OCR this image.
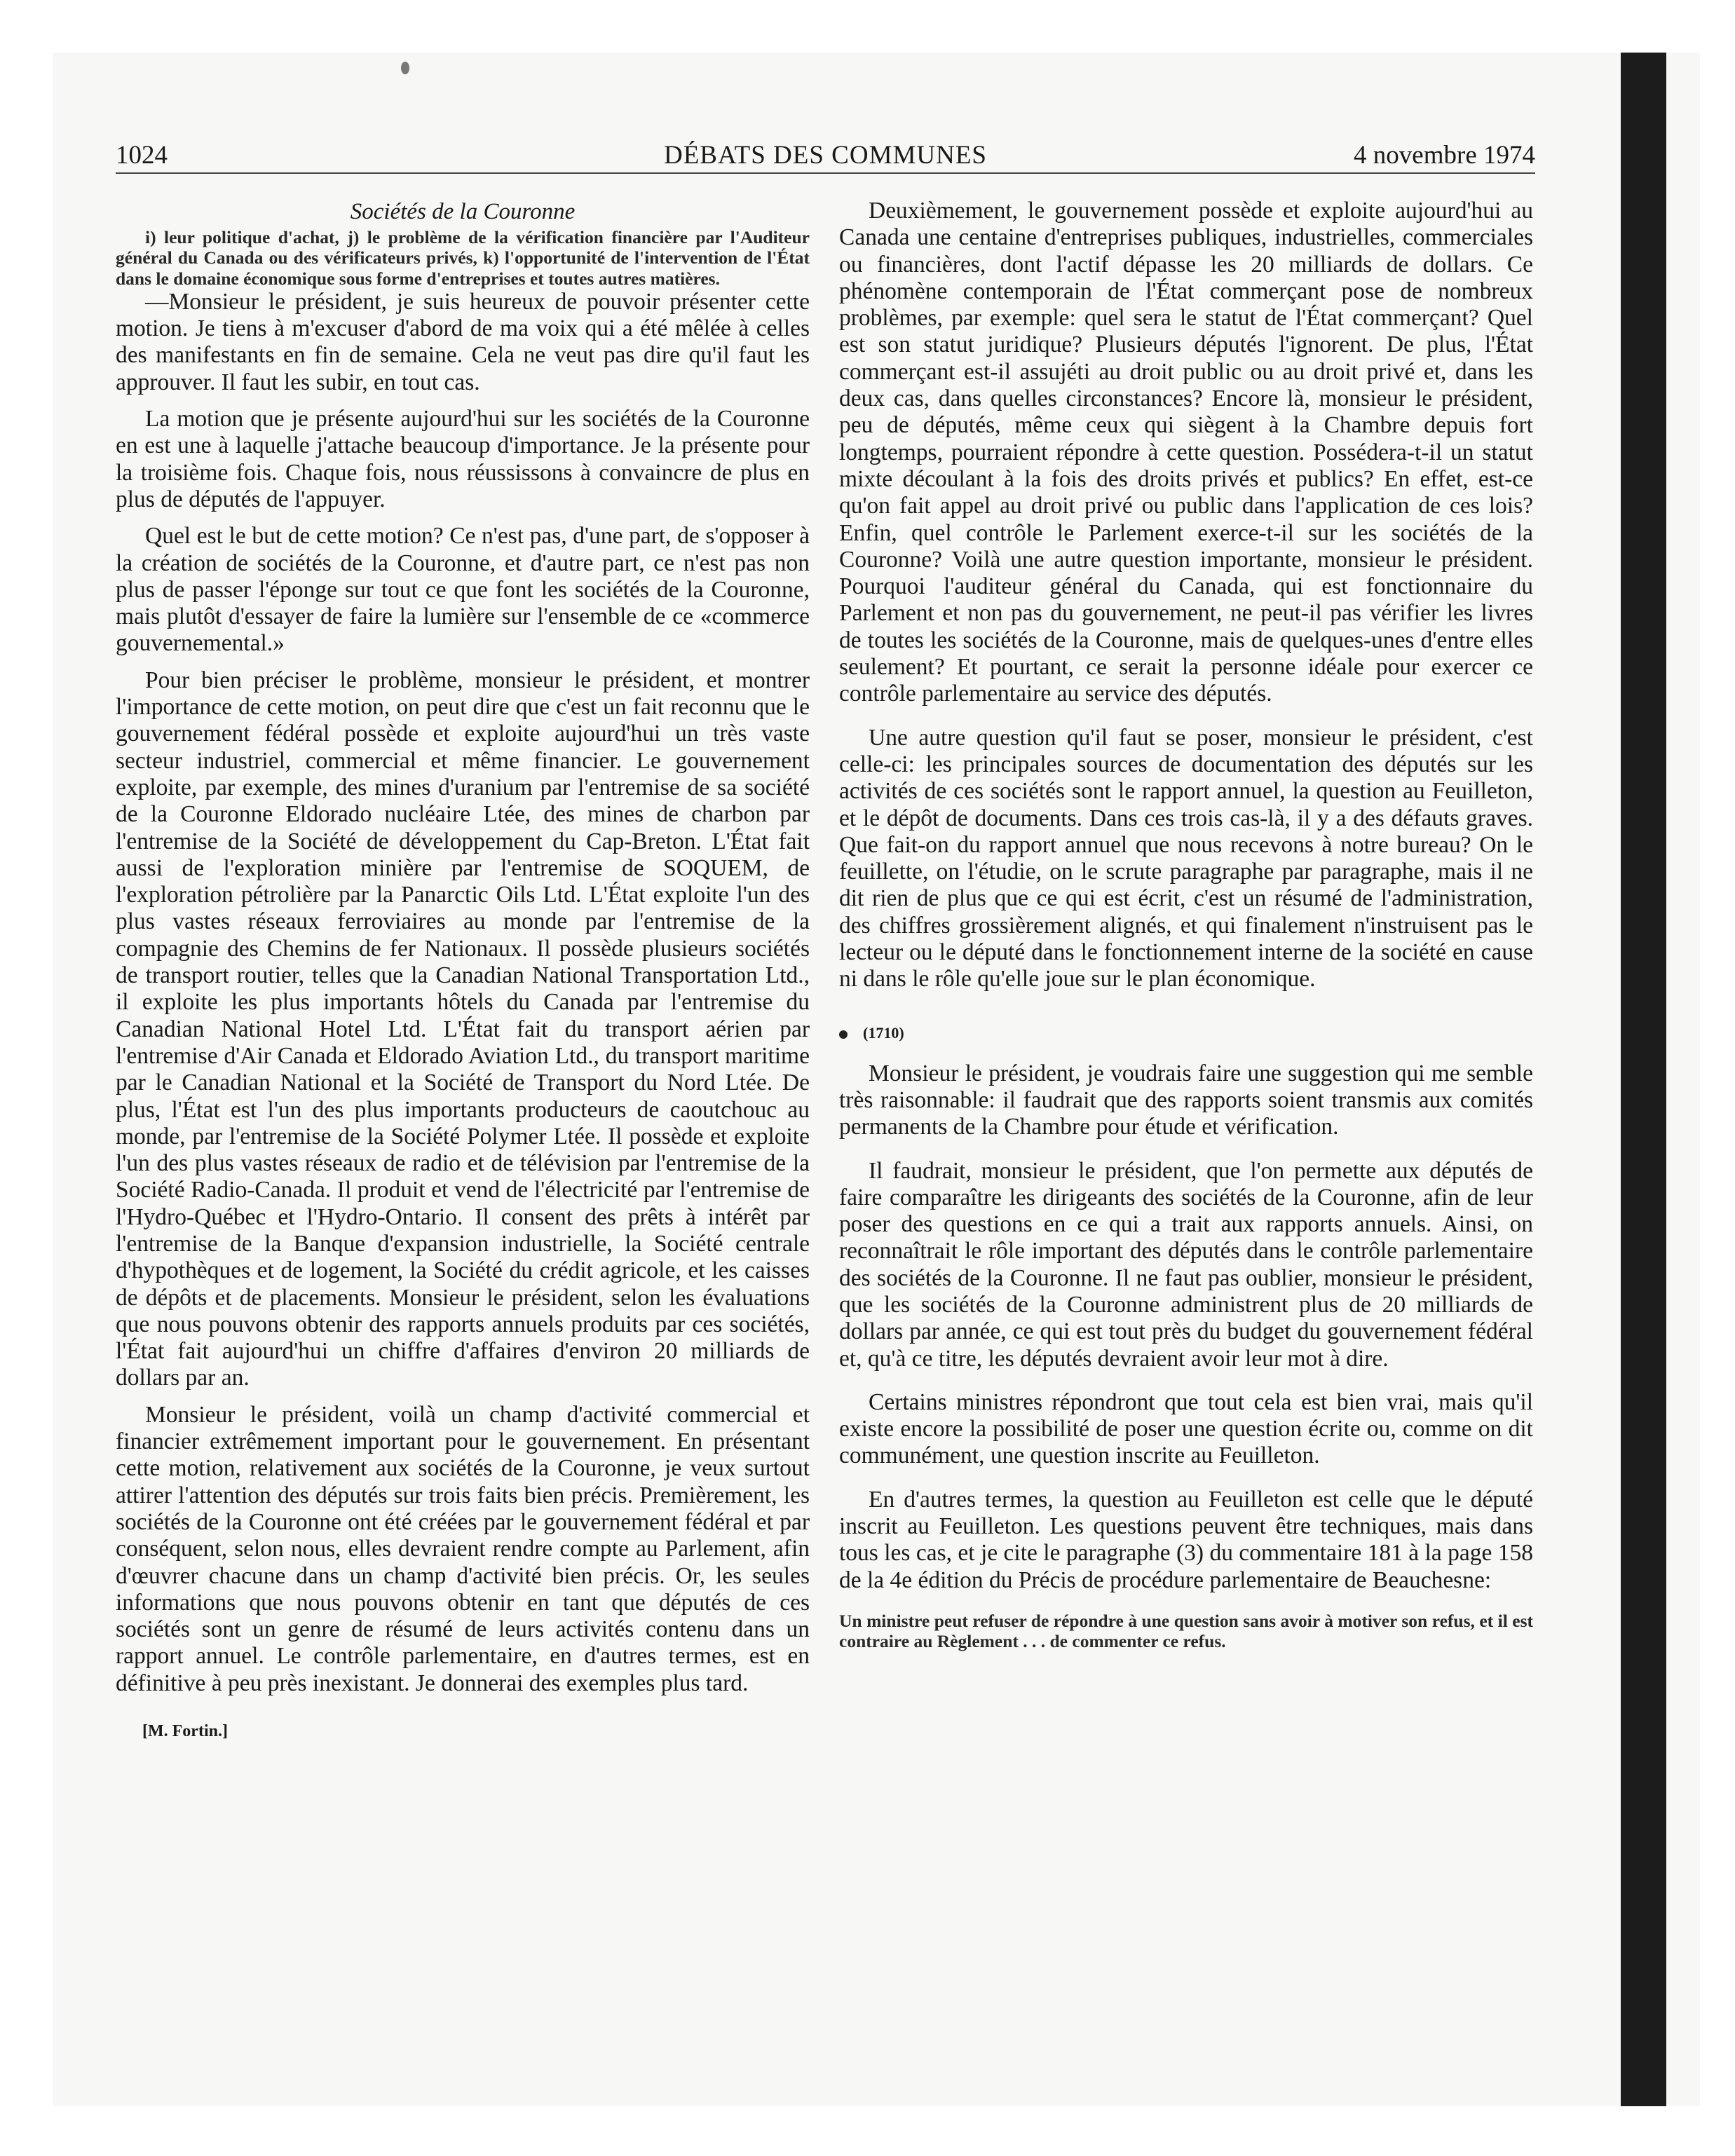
1024	DÉBATS DES COMMUNES	4 novembre 1974
Sociétés de la Couronne

i) leur politique d'achat, j) le problème de la vérification financière par l'Auditeur général du Canada ou des vérificateurs privés, k) l'opportunité de l'intervention de l'État dans le domaine économique sous forme d'entreprises et toutes autres matières.

—Monsieur le président, je suis heureux de pouvoir présenter cette motion. Je tiens à m'excuser d'abord de ma voix qui a été mêlée à celles des manifestants en fin de semaine. Cela ne veut pas dire qu'il faut les approuver. Il faut les subir, en tout cas.

La motion que je présente aujourd'hui sur les sociétés de la Couronne en est une à laquelle j'attache beaucoup d'importance. Je la présente pour la troisième fois. Chaque fois, nous réussissons à convaincre de plus en plus de députés de l'appuyer.

Quel est le but de cette motion? Ce n'est pas, d'une part, de s'opposer à la création de sociétés de la Couronne, et d'autre part, ce n'est pas non plus de passer l'éponge sur tout ce que font les sociétés de la Couronne, mais plutôt d'essayer de faire la lumière sur l'ensemble de ce «commerce gouvernemental.»

Pour bien préciser le problème, monsieur le président, et montrer l'importance de cette motion, on peut dire que c'est un fait reconnu que le gouvernement fédéral possède et exploite aujourd'hui un très vaste secteur industriel, commercial et même financier. Le gouvernement exploite, par exemple, des mines d'uranium par l'entremise de sa société de la Couronne Eldorado nucléaire Ltée, des mines de charbon par l'entremise de la Société de développement du Cap-Breton. L'État fait aussi de l'exploration minière par l'entremise de SOQUEM, de l'exploration pétrolière par la Panarctic Oils Ltd. L'État exploite l'un des plus vastes réseaux ferroviaires au monde par l'entremise de la compagnie des Chemins de fer Nationaux. Il possède plusieurs sociétés de transport routier, telles que la Canadian National Transportation Ltd., il exploite les plus importants hôtels du Canada par l'entremise du Canadian National Hotel Ltd. L'État fait du transport aérien par l'entremise d'Air Canada et Eldorado Aviation Ltd., du transport maritime par le Canadian National et la Société de Transport du Nord Ltée. De plus, l'État est l'un des plus importants producteurs de caoutchouc au monde, par l'entremise de la Société Polymer Ltée. Il possède et exploite l'un des plus vastes réseaux de radio et de télévision par l'entremise de la Société Radio-Canada. Il produit et vend de l'électricité par l'entremise de l'Hydro-Québec et l'Hydro-Ontario. Il consent des prêts à intérêt par l'entremise de la Banque d'expansion industrielle, la Société centrale d'hypothèques et de logement, la Société du crédit agricole, et les caisses de dépôts et de placements. Monsieur le président, selon les évaluations que nous pouvons obtenir des rapports annuels produits par ces sociétés, l'État fait aujourd'hui un chiffre d'affaires d'environ 20 milliards de dollars par an.

Monsieur le président, voilà un champ d'activité commercial et financier extrêmement important pour le gouvernement. En présentant cette motion, relativement aux sociétés de la Couronne, je veux surtout attirer l'attention des députés sur trois faits bien précis. Premièrement, les sociétés de la Couronne ont été créées par le gouvernement fédéral et par conséquent, selon nous, elles devraient rendre compte au Parlement, afin d'œuvrer chacune dans un champ d'activité bien précis. Or, les seules informations que nous pouvons obtenir en tant que députés de ces sociétés sont un genre de résumé de leurs activités contenu dans un rapport annuel. Le contrôle parlementaire, en d'autres termes, est en définitive à peu près inexistant. Je donnerai des exemples plus tard.

[M. Fortin.]

Deuxièmement, le gouvernement possède et exploite aujourd'hui au Canada une centaine d'entreprises publiques, industrielles, commerciales ou financières, dont l'actif dépasse les 20 milliards de dollars. Ce phénomène contemporain de l'État commerçant pose de nombreux problèmes, par exemple: quel sera le statut de l'État commerçant? Quel est son statut juridique? Plusieurs députés l'ignorent. De plus, l'État commerçant est-il assujéti au droit public ou au droit privé et, dans les deux cas, dans quelles circonstances? Encore là, monsieur le président, peu de députés, même ceux qui siègent à la Chambre depuis fort longtemps, pourraient répondre à cette question. Possédera-t-il un statut mixte découlant à la fois des droits privés et publics? En effet, est-ce qu'on fait appel au droit privé ou public dans l'application de ces lois? Enfin, quel contrôle le Parlement exerce-t-il sur les sociétés de la Couronne? Voilà une autre question importante, monsieur le président. Pourquoi l'auditeur général du Canada, qui est fonctionnaire du Parlement et non pas du gouvernement, ne peut-il pas vérifier les livres de toutes les sociétés de la Couronne, mais de quelques-unes d'entre elles seulement? Et pourtant, ce serait la personne idéale pour exercer ce contrôle parlementaire au service des députés.

Une autre question qu'il faut se poser, monsieur le président, c'est celle-ci: les principales sources de documentation des députés sur les activités de ces sociétés sont le rapport annuel, la question au Feuilleton, et le dépôt de documents. Dans ces trois cas-là, il y a des défauts graves. Que fait-on du rapport annuel que nous recevons à notre bureau? On le feuillette, on l'étudie, on le scrute paragraphe par paragraphe, mais il ne dit rien de plus que ce qui est écrit, c'est un résumé de l'administration, des chiffres grossièrement alignés, et qui finalement n'instruisent pas le lecteur ou le député dans le fonctionnement interne de la société en cause ni dans le rôle qu'elle joue sur le plan économique.

(1710)

Monsieur le président, je voudrais faire une suggestion qui me semble très raisonnable: il faudrait que des rapports soient transmis aux comités permanents de la Chambre pour étude et vérification.

Il faudrait, monsieur le président, que l'on permette aux députés de faire comparaître les dirigeants des sociétés de la Couronne, afin de leur poser des questions en ce qui a trait aux rapports annuels. Ainsi, on reconnaîtrait le rôle important des députés dans le contrôle parlementaire des sociétés de la Couronne. Il ne faut pas oublier, monsieur le président, que les sociétés de la Couronne administrent plus de 20 milliards de dollars par année, ce qui est tout près du budget du gouvernement fédéral et, qu'à ce titre, les députés devraient avoir leur mot à dire.

Certains ministres répondront que tout cela est bien vrai, mais qu'il existe encore la possibilité de poser une question écrite ou, comme on dit communément, une question inscrite au Feuilleton.

En d'autres termes, la question au Feuilleton est celle que le député inscrit au Feuilleton. Les questions peuvent être techniques, mais dans tous les cas, et je cite le paragraphe (3) du commentaire 181 à la page 158 de la 4e édition du Précis de procédure parlementaire de Beauchesne:

Un ministre peut refuser de répondre à une question sans avoir à motiver son refus, et il est contraire au Règlement . . . de commenter ce refus.
